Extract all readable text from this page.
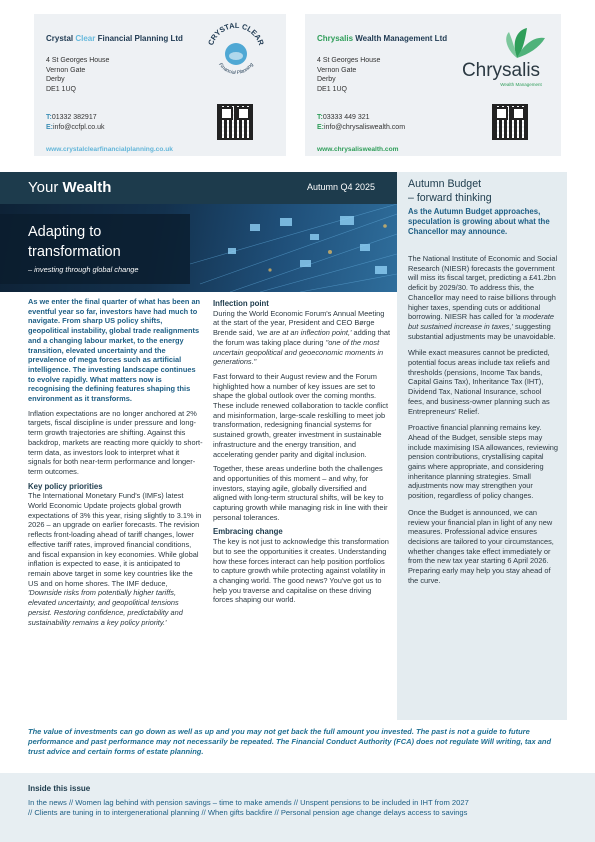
Crystal Clear Financial Planning Ltd	CRYSTAL CLEAR
Financial Planning
4 St Georges House
Vernon Gate
Derby
DE1 1UQ
T:01332 382917
E:info@ccfpl.co.uk
www.crystalclearfinancialplanning.co.uk
Chrysalis Wealth Management Ltd
Chrysalis
Wealth Management
4 St Georges House
Vernon Gate
Derby
DE1 1UQ
T:03333 449 321
E:info@chrysaliswealth.com
www.chrysaliswealth.com
Your Wealth	Autumn Q4 2025
Adapting to
transformation
– investing through global change

As we enter the final quarter of what has been an eventful year so far, investors have had much to navigate. From sharp US policy shifts, geopolitical instability, global trade realignments and a changing labour market, to the energy transition, elevated uncertainty and the prevalence of mega forces such as artificial intelligence. The investing landscape continues to evolve rapidly. What matters now is recognising the defining features shaping this environment as it transforms.

Inflation expectations are no longer anchored at 2% targets, fiscal discipline is under pressure and long-term growth trajectories are shifting. Against this backdrop, markets are reacting more quickly to short-term data, as investors look to interpret what it signals for both near-term performance and longer-term outcomes.

Key policy priorities

The International Monetary Fund's (IMFs) latest World Economic Update projects global growth expectations of 3% this year, rising slightly to 3.1% in 2026 – an upgrade on earlier forecasts. The revision reflects front-loading ahead of tariff changes, lower effective tariff rates, improved financial conditions, and fiscal expansion in key economies. While global inflation is expected to ease, it is anticipated to remain above target in some key countries like the US and on home shores. The IMF deduce, 'Downside risks from potentially higher tariffs, elevated uncertainty, and geopolitical tensions persist. Restoring confidence, predictability and sustainability remains a key policy priority.'

Inflection point

During the World Economic Forum's Annual Meeting at the start of the year, President and CEO Børge Brende said, 'we are at an inflection point,' adding that the forum was taking place during "one of the most uncertain geopolitical and geoeconomic moments in generations."

Fast forward to their August review and the Forum highlighted how a number of key issues are set to shape the global outlook over the coming months. These include renewed collaboration to tackle conflict and misinformation, large-scale reskilling to meet job transformation, redesigning financial systems for sustained growth, greater investment in sustainable infrastructure and the energy transition, and accelerating gender parity and digital inclusion.

Together, these areas underline both the challenges and opportunities of this moment – and why, for investors, staying agile, globally diversified and aligned with long-term structural shifts, will be key to capturing growth while managing risk in line with their personal tolerances.

Embracing change

The key is not just to acknowledge this transformation but to see the opportunities it creates. Understanding how these forces interact can help position portfolios to capture growth while protecting against volatility in a changing world. The good news? You've got us to help you traverse and capitalise on these driving forces shaping our world.

Autumn Budget
– forward thinking
As the Autumn Budget approaches, speculation is growing about what the Chancellor may announce.

The National Institute of Economic and Social Research (NIESR) forecasts the government will miss its fiscal target, predicting a £41.2bn deficit by 2029/30. To address this, the Chancellor may need to raise billions through higher taxes, spending cuts or additional borrowing. NIESR has called for 'a moderate but sustained increase in taxes,' suggesting substantial adjustments may be unavoidable.

While exact measures cannot be predicted, potential focus areas include tax reliefs and thresholds (pensions, Income Tax bands, Capital Gains Tax), Inheritance Tax (IHT), Dividend Tax, National Insurance, school fees, and business-owner planning such as Entrepreneurs' Relief.

Proactive financial planning remains key. Ahead of the Budget, sensible steps may include maximising ISA allowances, reviewing pension contributions, crystallising capital gains where appropriate, and considering inheritance planning strategies. Small adjustments now may strengthen your position, regardless of policy changes.

Once the Budget is announced, we can review your financial plan in light of any new measures. Professional advice ensures decisions are tailored to your circumstances, whether changes take effect immediately or from the new tax year starting 6 April 2026. Preparing early may help you stay ahead of the curve.

The value of investments can go down as well as up and you may not get back the full amount you invested. The past is not a guide to future performance and past performance may not necessarily be repeated. The Financial Conduct Authority (FCA) does not regulate Will writing, tax and trust advice and certain forms of estate planning.
Inside this issue
In the news // Women lag behind with pension savings – time to make amends // Unspent pensions to be included in IHT from 2027
// Clients are tuning in to intergenerational planning // When gifts backfire // Personal pension age change delays access to savings
